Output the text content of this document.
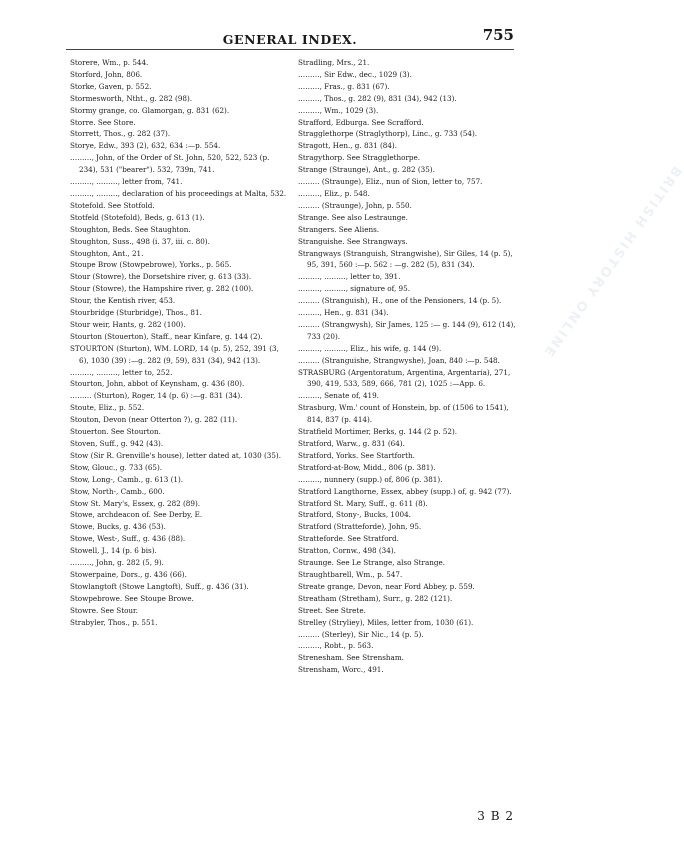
GENERAL INDEX.	755
BRITISH HISTORY ONLINE
Storere, Wm., p. 544.
Storford, John, 806.
Storke, Gaven, p. 552.
Stormesworth, Ntht., g. 282 (98).
Stormy grange, co. Glamorgan, g. 831 (62).
Storre. See Store.
Storrett, Thos., g. 282 (37).
Storye, Edw., 393 (2), 632, 634 :—p. 554.
………, John, of the Order of St. John, 520, 522, 523 (p. 234), 531 ("bearer"). 532, 739n, 741.
………, ………, letter from, 741.
………, ………, declaration of his proceedings at Malta, 532.
Stotefold. See Stotfold.
Stotfeld (Stotefold), Beds, g. 613 (1).
Stoughton, Beds. See Staughton.
Stoughton, Suss., 498 (i. 37, iii. c. 80).
Stoughton, Ant., 21.
Stoupe Brow (Stowpebrowe), Yorks., p. 565.
Stour (Stowre), the Dorsetshire river, g. 613 (33).
Stour (Stowre), the Hampshire river, g. 282 (100).
Stour, the Kentish river, 453.
Stourbridge (Sturbridge), Thos., 81.
Stour weir, Hants, g. 282 (100).
Stourton (Stouerton), Staff., near Kinfare, g. 144 (2).
STOURTON (Sturton), WM. LORD, 14 (p. 5), 252, 391 (3, 6), 1030 (39) :—g. 282 (9, 59), 831 (34), 942 (13).
………, ………, letter to, 252.
Stourton, John, abbot of Keynsham, g. 436 (80).
……… (Sturton), Roger, 14 (p. 6) :—g. 831 (34).
Stoute, Eliz., p. 552.
Stouton, Devon (near Otterton ?), g. 282 (11).
Stouerton. See Stourton.
Stoven, Suff., g. 942 (43).
Stow (Sir R. Grenville's house), letter dated at, 1030 (35).
Stow, Glouc., g. 733 (65).
Stow, Long-, Camb., g. 613 (1).
Stow, North-, Camb., 600.
Stow St. Mary's, Essex, g. 282 (89).
Stowe, archdeacon of. See Derby, E.
Stowe, Bucks, g. 436 (53).
Stowe, West-, Suff., g. 436 (88).
Stowell, J., 14 (p. 6 bis).
………, John, g. 282 (5, 9).
Stowerpaine, Dors., g. 436 (66).
Stowlangtoft (Stowe Langtoft), Suff., g. 436 (31).
Stowpebrowe. See Stoupe Browe.
Stowre. See Stour.
Strabyler, Thos., p. 551.
Stradling, Mrs., 21.
………, Sir Edw., dec., 1029 (3).
………, Fras., g. 831 (67).
………, Thos., g. 282 (9), 831 (34), 942 (13).
………, Wm., 1029 (3).
Strafford, Edburga. See Scrafford.
Stragglethorpe (Straglythorp), Linc., g. 733 (54).
Stragott, Hen., g. 831 (84).
Stragythorp. See Stragglethorpe.
Strange (Straunge), Ant., g. 282 (35).
……… (Straunge), Eliz., nun of Sion, letter to, 757.
………, Eliz., p. 548.
……… (Straunge), John, p. 550.
Strange. See also Lestraunge.
Strangers. See Aliens.
Stranguishe. See Strangways.
Strangways (Stranguish, Strangwishe), Sir Giles, 14 (p. 5), 95, 391, 560 :—p. 562 : —g. 282 (5), 831 (34).
………, ………, letter to, 391.
………, ………, signature of, 95.
……… (Stranguish), H., one of the Pensioners, 14 (p. 5).
………, Hen., g. 831 (34).
……… (Strangwysh), Sir James, 125 :— g. 144 (9), 612 (14), 733 (20).
………, ………, Eliz., his wife, g. 144 (9).
……… (Stranguishe, Strangwyshe), Joan, 840 :—p. 548.
STRASBURG (Argentoratum, Argentina, Argentaria), 271, 390, 419, 533, 589, 666, 781 (2), 1025 :—App. 6.
………, Senate of, 419.
Strasburg, Wm.' count of Honstein, bp. of (1506 to 1541), 814, 837 (p. 414).
Stratfield Mortimer, Berks, g. 144 (2 p. 52).
Stratford, Warw., g. 831 (64).
Stratford, Yorks. See Startforth.
Stratford-at-Bow, Midd., 806 (p. 381).
………, nunnery (supp.) of, 806 (p. 381).
Stratford Langthorne, Essex, abbey (supp.) of, g. 942 (77).
Stratford St. Mary, Suff., g. 611 (8).
Stratford, Stony-, Bucks, 1004.
Stratford (Stratteforde), John, 95.
Stratteforde. See Stratford.
Stratton, Cornw., 498 (34).
Straunge. See Le Strange, also Strange.
Straughtbarell, Wm., p. 547.
Streate grange, Devon, near Ford Abbey, p. 559.
Streatham (Stretham), Surr., g. 282 (121).
Street. See Strete.
Strelley (Stryliey), Miles, letter from, 1030 (61).
……… (Sterley), Sir Nic., 14 (p. 5).
………, Robt., p. 563.
Strenesham. See Strensham.
Strensham, Worc., 491.
3 B 2
